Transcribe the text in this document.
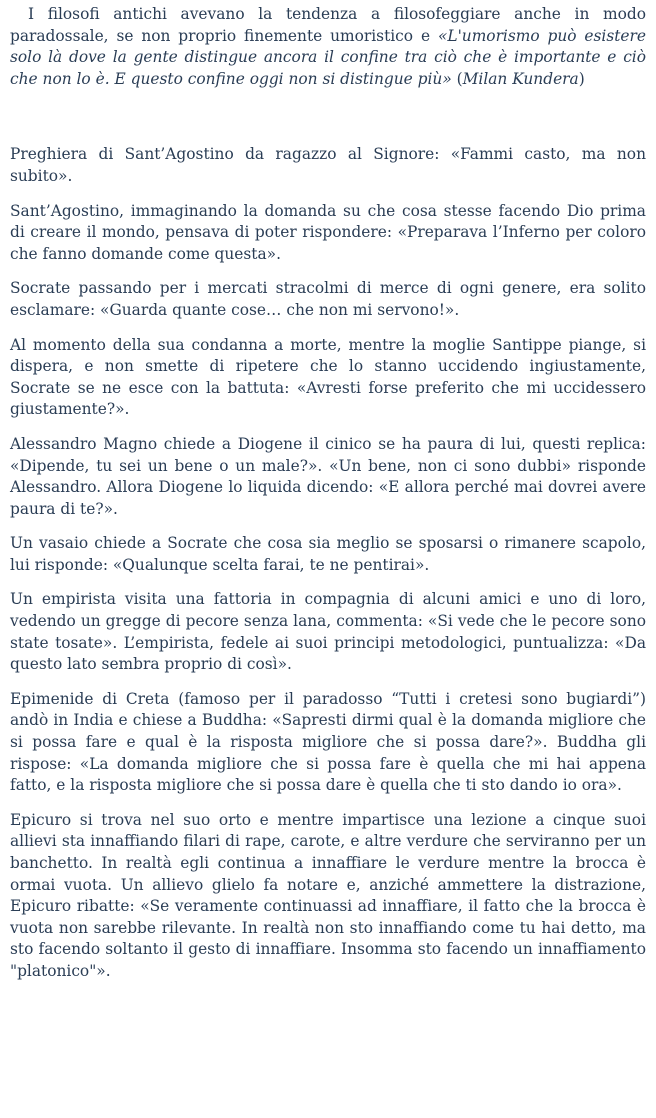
I filosofi antichi avevano la tendenza a filosofeggiare anche in modo paradossale, se non proprio finemente umoristico e «L'umorismo può esistere solo là dove la gente distingue ancora il confine tra ciò che è importante e ciò che non lo è. E questo confine oggi non si distingue più» (Milan Kundera)

Preghiera di Sant’Agostino da ragazzo al Signore: «Fammi casto, ma non subito».

Sant’Agostino, immaginando la domanda su che cosa stesse facendo Dio prima di creare il mondo, pensava di poter rispondere: «Preparava l’Inferno per coloro che fanno domande come questa».

Socrate passando per i mercati stracolmi di merce di ogni genere, era solito esclamare: «Guarda quante cose… che non mi servono!».

Al momento della sua condanna a morte, mentre la moglie Santippe piange, si dispera, e non smette di ripetere che lo stanno uccidendo ingiustamente, Socrate se ne esce con la battuta: «Avresti forse preferito che mi uccidessero giustamente?».

Alessandro Magno chiede a Diogene il cinico se ha paura di lui, questi replica: «Dipende, tu sei un bene o un male?». «Un bene, non ci sono dubbi» risponde Alessandro. Allora Diogene lo liquida dicendo: «E allora perché mai dovrei avere paura di te?».

Un vasaio chiede a Socrate che cosa sia meglio se sposarsi o rimanere scapolo, lui risponde: «Qualunque scelta farai, te ne pentirai».

Un empirista visita una fattoria in compagnia di alcuni amici e uno di loro, vedendo un gregge di pecore senza lana, commenta: «Si vede che le pecore sono state tosate». L’empirista, fedele ai suoi principi metodologici, puntualizza: «Da questo lato sembra proprio di così».

Epimenide di Creta (famoso per il paradosso “Tutti i cretesi sono bugiardi”) andò in India e chiese a Buddha: «Sapresti dirmi qual è la domanda migliore che si possa fare e qual è la risposta migliore che si possa dare?». Buddha gli rispose: «La domanda migliore che si possa fare è quella che mi hai appena fatto, e la risposta migliore che si possa dare è quella che ti sto dando io ora».

Epicuro si trova nel suo orto e mentre impartisce una lezione a cinque suoi allievi sta innaffiando filari di rape, carote, e altre verdure che serviranno per un banchetto. In realtà egli continua a innaffiare le verdure mentre la brocca è ormai vuota. Un allievo glielo fa notare e, anziché ammettere la distrazione, Epicuro ribatte: «Se veramente continuassi ad innaffiare, il fatto che la brocca è vuota non sarebbe rilevante. In realtà non sto innaffiando come tu hai detto, ma sto facendo soltanto il gesto di innaffiare. Insomma sto facendo un innaffiamento "platonico"».
